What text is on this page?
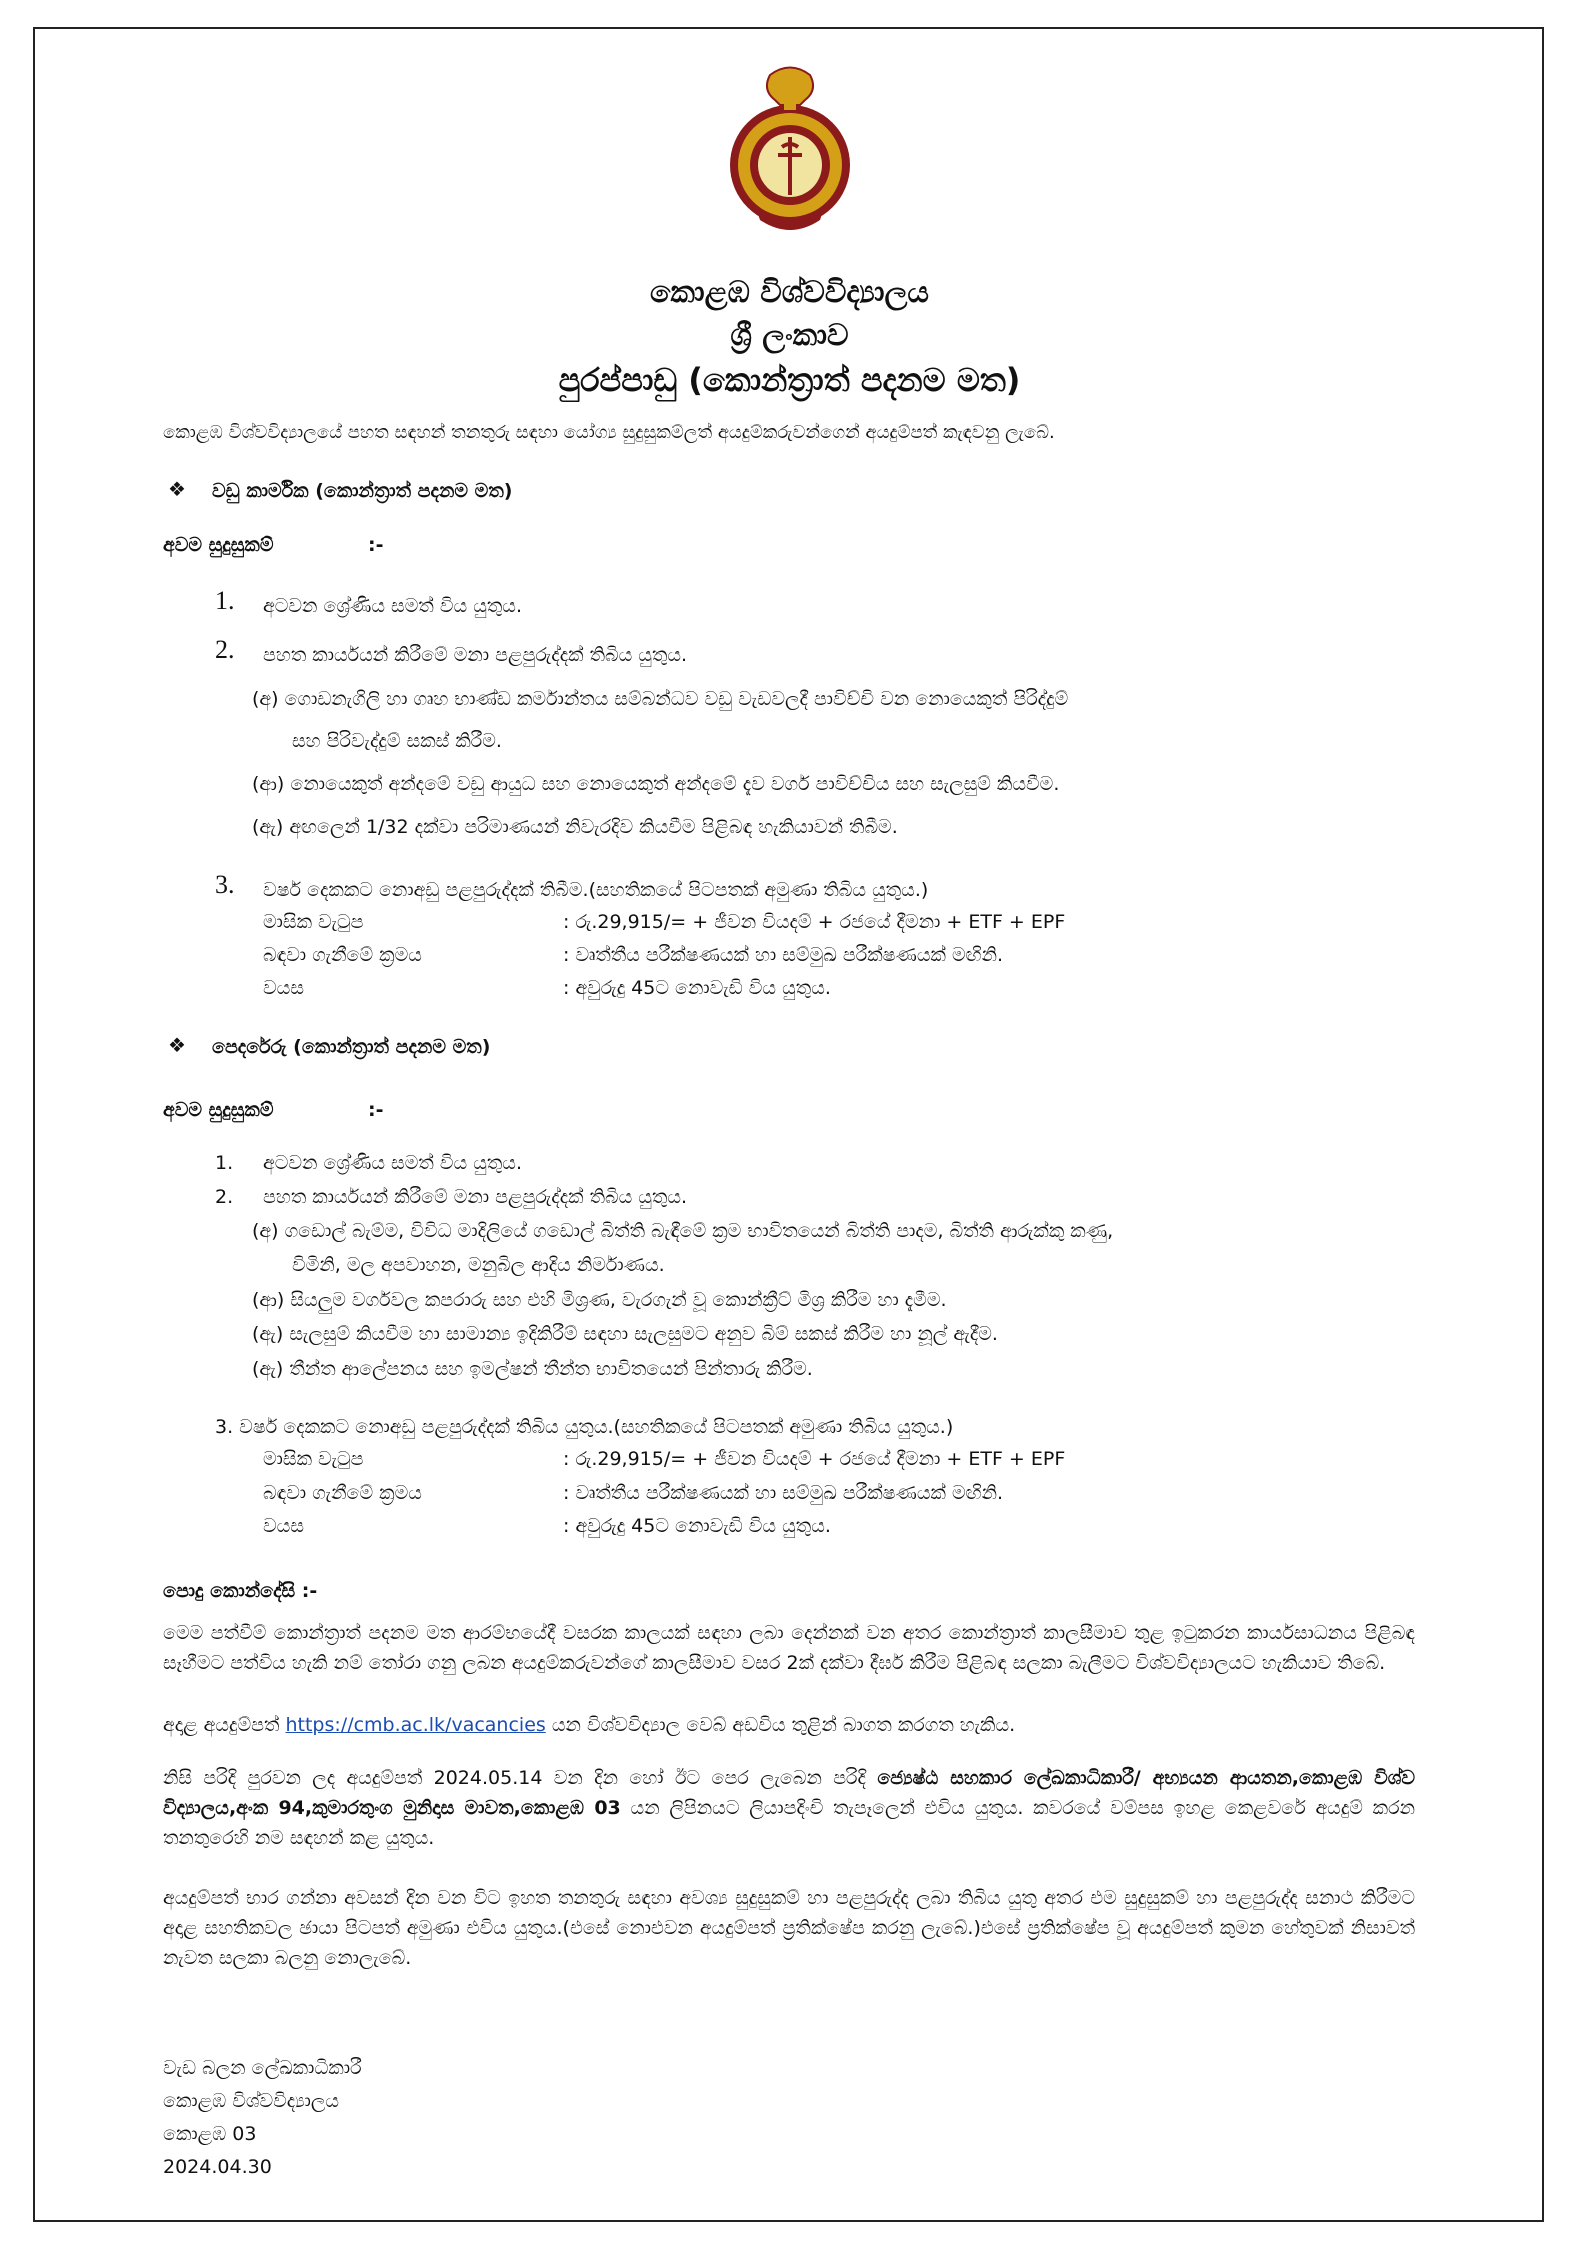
කොළඹ විශ්වවිද්‍යාලය
ශ්‍රී ලංකාව
පුරප්පාඩු (කොන්ත්‍රාත් පදනම මත)
කොළඹ විශ්වවිද්‍යාලයේ පහත සඳහන් තනතුරු සඳහා යෝග්‍ය සුදුසුකම්ලත් අයදුම්කරුවන්ගෙන් අයදුම්පත් කැඳවනු ලැබේ.
❖ වඩු කාර්මික (කොන්ත්‍රාත් පදනම මත)
අවම සුදුසුකම්	:-
1. අටවන ශ්‍රේණිය සමත් විය යුතුය.
2. පහත කාර්යයන් කිරීමේ මනා පළපුරුද්දක් තිබිය යුතුය.
(අ) ගොඩනැගිලි හා ගෘහ භාණ්ඩ කර්මාන්තය සම්බන්ධව වඩු වැඩවලදී පාවිච්චි වන නොයෙකුත් පිරිද්දුම්
සහ පිරිවැද්දුම් සකස් කිරීම.
(ආ) නොයෙකුත් අන්දමේ වඩු ආයුධ සහ නොයෙකුත් අන්දමේ දැව වර්ග පාවිච්චිය සහ සැලසුම් කියවීම.
(ඇ) අඟලෙන් 1/32 දක්වා පරිමාණයන් නිවැරදිව කියවීම පිළිබඳ හැකියාවන් තිබීම.
3. වර්ෂ දෙකකට නොඅඩු පළපුරුද්දක් තිබීම.(සහතිකයේ පිටපතක් අමුණා තිබිය යුතුය.)
මාසික වැටුප	: රු.29,915/= + ජීවන වියදම් + රජයේ දීමනා + ETF + EPF
බඳවා ගැනීමේ ක්‍රමය	: වෘත්තීය පරීක්ෂණයක් හා සම්මුඛ පරීක්ෂණයක් මඟිනි.
වයස	: අවුරුදු 45ට නොවැඩි විය යුතුය.
❖ පෙදරේරු (කොන්ත්‍රාත් පදනම මත)
අවම සුදුසුකම්	:-
1. අටවන ශ්‍රේණිය සමත් විය යුතුය.
2. පහත කාර්යයන් කිරීමේ මනා පළපුරුද්දක් තිබිය යුතුය.
(අ) ගඩොල් බැම්ම, විවිධ මාදිලියේ ගඩොල් බිත්ති බැඳීමේ ක්‍රම භාවිතයෙන් බිත්ති පාදම, බිත්ති ආරුක්කු කණු,
විමිනි, මල අපවාහන, මනුබිල ආදිය නිර්මාණය.
(ආ) සියලුම වර්ගවල කපරාරු සහ එහි මිශ්‍රණ, වැරගැන් වූ කොන්ක්‍රීට් මිශ්‍ර කිරීම හා දැමීම.
(ඇ) සැලසුම් කියවීම හා සාමාන්‍ය ඉදිකිරීම් සඳහා සැලසුමට අනුව බිම් සකස් කිරීම හා නූල් ඇදීම.
(ඇ) තීන්ත ආලේපනය සහ ඉමල්ෂන් තීන්ත භාවිතයෙන් පින්තාරු කිරීම.
3. වර්ෂ දෙකකට නොඅඩු පළපුරුද්දක් තිබිය යුතුය.(සහතිකයේ පිටපතක් අමුණා තිබිය යුතුය.)
මාසික වැටුප	: රු.29,915/= + ජීවන වියදම් + රජයේ දීමනා + ETF + EPF
බඳවා ගැනීමේ ක්‍රමය	: වෘත්තීය පරීක්ෂණයක් හා සම්මුඛ පරීක්ෂණයක් මඟිනි.
වයස	: අවුරුදු 45ට නොවැඩි විය යුතුය.
පොදු කොන්දේසි :-
මෙම පත්වීම් කොන්ත්‍රාත් පදනම මත ආරම්භයේදී වසරක කාලයක් සඳහා ලබා දෙන්නක් වන අතර කොන්ත්‍රාත් කාලසීමාව තුළ ඉටුකරන කාර්යසාධනය පිළිබඳ සෑහීමට පත්විය හැකි නම් තෝරා ගනු ලබන අයදුම්කරුවන්ගේ කාලසීමාව වසර 2ක් දක්වා දීර්ඝ කිරීම පිළිබඳ සලකා බැලීමට විශ්වවිද්‍යාලයට හැකියාව තිබේ.
අදාළ අයදුම්පත් https://cmb.ac.lk/vacancies යන විශ්වවිද්‍යාල වෙබ් අඩවිය තුළින් බාගත කරගත හැකිය.
නිසි පරිදි පුරවන ලද අයදුම්පත් 2024.05.14 වන දින හෝ ඊට පෙර ලැබෙන පරිදි ජ්‍යෙෂ්ඨ සහකාර ලේඛකාධිකාරී/ අභ්‍යයන ආයතන,කොළඹ විශ්ව විද්‍යාලය,අංක 94,කුමාරතුංග මුනිදාස මාවත,කොළඹ 03 යන ලිපිනයට ලියාපදිංචි තැපෑලෙන් එවිය යුතුය. කවරයේ වම්පස ඉහළ කෙළවරේ අයදුම් කරන තනතුරෙහි නම සඳහන් කළ යුතුය.
අයදුම්පත් භාර ගන්නා අවසන් දින වන විට ඉහත තනතුරු සඳහා අවශ්‍ය සුදුසුකම් හා පළපුරුද්ද ලබා තිබිය යුතු අතර එම සුදුසුකම් හා පළපුරුද්ද සනාථ කිරීමට අදාළ සහතිකවල ඡායා පිටපත් අමුණා එවිය යුතුය.(එසේ නොඑවන අයදුම්පත් ප්‍රතික්ෂේප කරනු ලැබේ.)එසේ ප්‍රතික්ෂේප වූ අයදුම්පත් කුමන හේතුවක් නිසාවත් නැවත සලකා බලනු නොලැබේ.
වැඩ බලන ලේඛකාධිකාරී
කොළඹ විශ්වවිද්‍යාලය
කොළඹ 03
2024.04.30
